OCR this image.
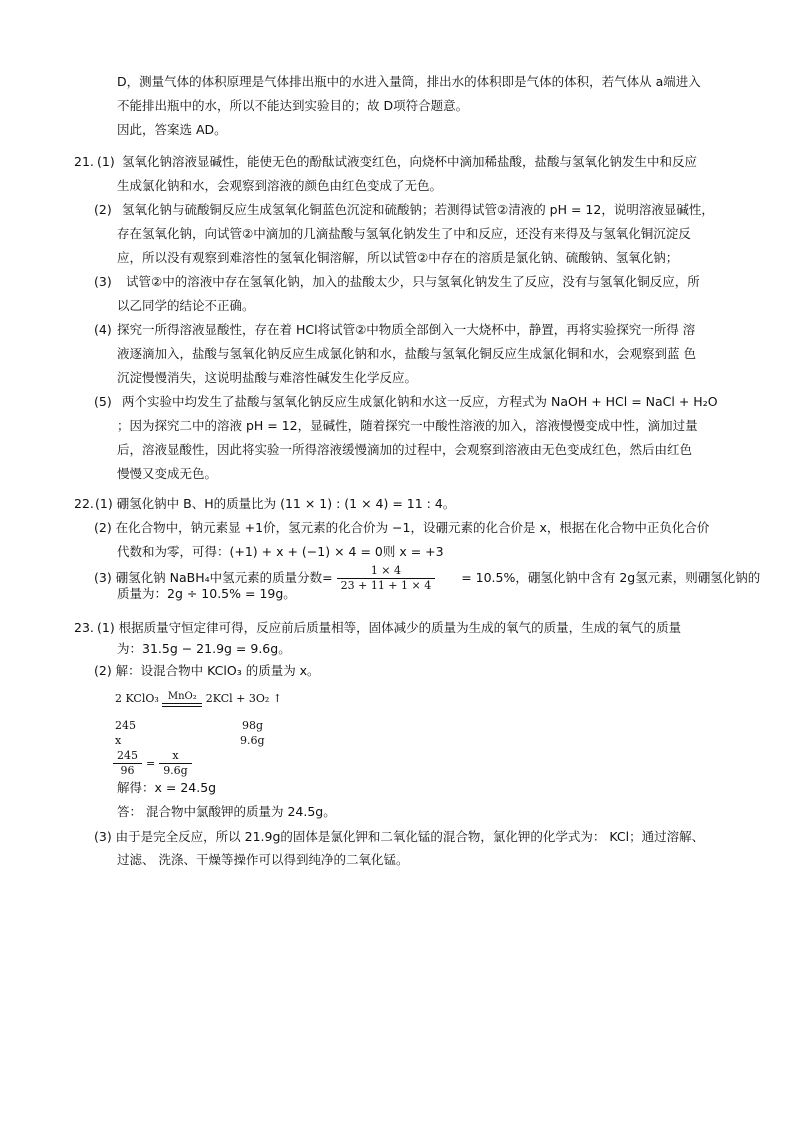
D，测量气体的体积原理是气体排出瓶中的水进入量筒，排出水的体积即是气体的体积，若气体从 a端进入
不能排出瓶中的水，所以不能达到实验目的；故 D项符合题意。
因此，答案选 AD。
21. (1) 氢氧化钠溶液显碱性，能使无色的酚酞试液变红色，向烧杯中滴加稀盐酸，盐酸与氢氧化钠发生中和反应
生成氯化钠和水，会观察到溶液的颜色由红色变成了无色。
(2) 氢氧化钠与硫酸铜反应生成氢氧化铜蓝色沉淀和硫酸钠；若测得试管②清液的 pH = 12，说明溶液显碱性，
存在氢氧化钠，向试管②中滴加的几滴盐酸与氢氧化钠发生了中和反应，还没有来得及与氢氧化铜沉淀反
应，所以没有观察到难溶性的氢氧化铜溶解，所以试管②中存在的溶质是氯化钠、硫酸钠、氢氧化钠；
(3) 试管②中的溶液中存在氢氧化钠，加入的盐酸太少，只与氢氧化钠发生了反应，没有与氢氧化铜反应，所
以乙同学的结论不正确。
(4) 探究一所得溶液显酸性，存在着 HCl将试管②中物质全部倒入一大烧杯中，静置，再将实验探究一所得 溶
液逐滴加入，盐酸与氢氧化钠反应生成氯化钠和水，盐酸与氢氧化铜反应生成氯化铜和水，会观察到蓝 色
沉淀慢慢消失，这说明盐酸与难溶性碱发生化学反应。
(5) 两个实验中均发生了盐酸与氢氧化钠反应生成氯化钠和水这一反应，方程式为 NaOH + HCl = NaCl + H₂O
；因为探究二中的溶液 pH = 12，显碱性，随着探究一中酸性溶液的加入，溶液慢慢变成中性，滴加过量
后，溶液显酸性，因此将实验一所得溶液缓慢滴加的过程中，会观察到溶液由无色变成红色，然后由红色
慢慢又变成无色。
22. (1) 硼氢化钠中 B、H的质量比为 (11 × 1) : (1 × 4) = 11 : 4。
(2) 在化合物中，钠元素显 +1价，氢元素的化合价为 −1，设硼元素的化合价是 x，根据在化合物中正负化合价
代数和为零，可得：(+1) + x + (−1) × 4 = 0则 x = +3
(3) 硼氢化钠 NaBH₄中氢元素的质量分数= $\frac{1 \times 4}{23 + 11 + 1 \times 4} = 10.5\%$，硼氢化钠中含有 2g氢元素，则硼氢化钠的
质量为：2g ÷ 10.5% = 19g。
23. (1) 根据质量守恒定律可得，反应前后质量相等，固体减少的质量为生成的氧气的质量，生成的氧气的质量
为：31.5g − 21.9g = 9.6g。
(2) 解：设混合物中 KClO₃ 的质量为 x。
2 KClO₃ MnO₂ 2KCl + 3O₂ ↑
245	98g
x	9.6g
$\frac{245}{96} = \frac{x}{9.6g}$
解得：x = 24.5g
答： 混合物中氯酸钾的质量为 24.5g。
(3) 由于是完全反应，所以 21.9g的固体是氯化钾和二氧化锰的混合物，氯化钾的化学式为： KCl；通过溶解、
过滤、 洗涤、干燥等操作可以得到纯净的二氧化锰。
